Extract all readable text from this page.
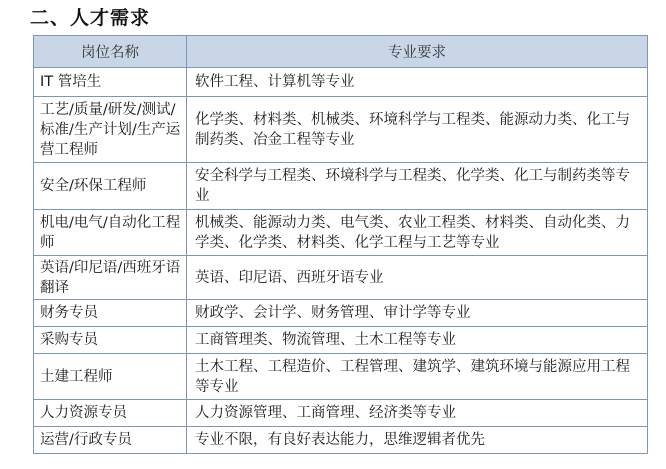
二、人才需求
岗位名称	专业要求
IT 管培生	软件工程、计算机等专业
工艺/质量/研发/测试/标准/生产计划/生产运营工程师	化学类、材料类、机械类、环境科学与工程类、能源动力类、化工与制药类、冶金工程等专业
安全/环保工程师	安全科学与工程类、环境科学与工程类、化学类、化工与制药类等专业
机电/电气/自动化工程师	机械类、能源动力类、电气类、农业工程类、材料类、自动化类、力学类、化学类、材料类、化学工程与工艺等专业
英语/印尼语/西班牙语翻译	英语、印尼语、西班牙语专业
财务专员	财政学、会计学、财务管理、审计学等专业
采购专员	工商管理类、物流管理、土木工程等专业
土建工程师	土木工程、工程造价、工程管理、建筑学、建筑环境与能源应用工程等专业
人力资源专员	人力资源管理、工商管理、经济类等专业
运营/行政专员	专业不限，有良好表达能力，思维逻辑者优先
